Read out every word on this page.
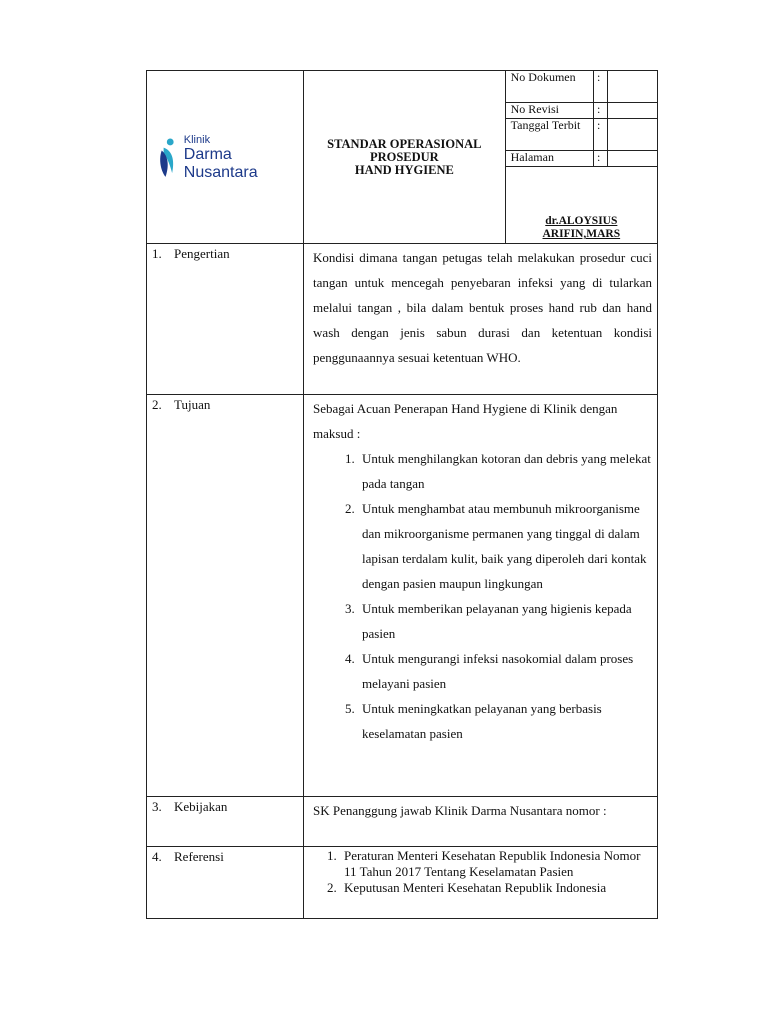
Klinik
Darma Nusantara

STANDAR OPERASIONAL
PROSEDUR
HAND HYGIENE

No Dokumen	:	
No Revisi	:	
Tanggal Terbit	:	
Halaman	:	
dr.ALOYSIUS
ARIFIN,MARS

1. Pengertian	Kondisi dimana tangan petugas telah melakukan prosedur cuci tangan untuk mencegah penyebaran infeksi yang di tularkan melalui tangan , bila dalam bentuk proses hand rub dan hand wash dengan jenis sabun durasi dan ketentuan kondisi penggunaannya sesuai ketentuan WHO.

2. Tujuan	Sebagai Acuan Penerapan Hand Hygiene di Klinik dengan maksud :
1. Untuk menghilangkan kotoran dan debris yang melekat pada tangan
2. Untuk menghambat atau membunuh mikroorganisme dan mikroorganisme permanen yang tinggal di dalam lapisan terdalam kulit, baik yang diperoleh dari kontak dengan pasien maupun lingkungan
3. Untuk memberikan pelayanan yang higienis kepada pasien
4. Untuk mengurangi infeksi nasokomial dalam proses melayani pasien
5. Untuk meningkatkan pelayanan yang berbasis keselamatan pasien

3. Kebijakan	SK Penanggung jawab Klinik Darma Nusantara nomor :

4. Referensi	
1.Peraturan Menteri Kesehatan Republik Indonesia Nomor 11 Tahun 2017 Tentang Keselamatan Pasien
2. Keputusan Menteri Kesehatan Republik Indonesia
